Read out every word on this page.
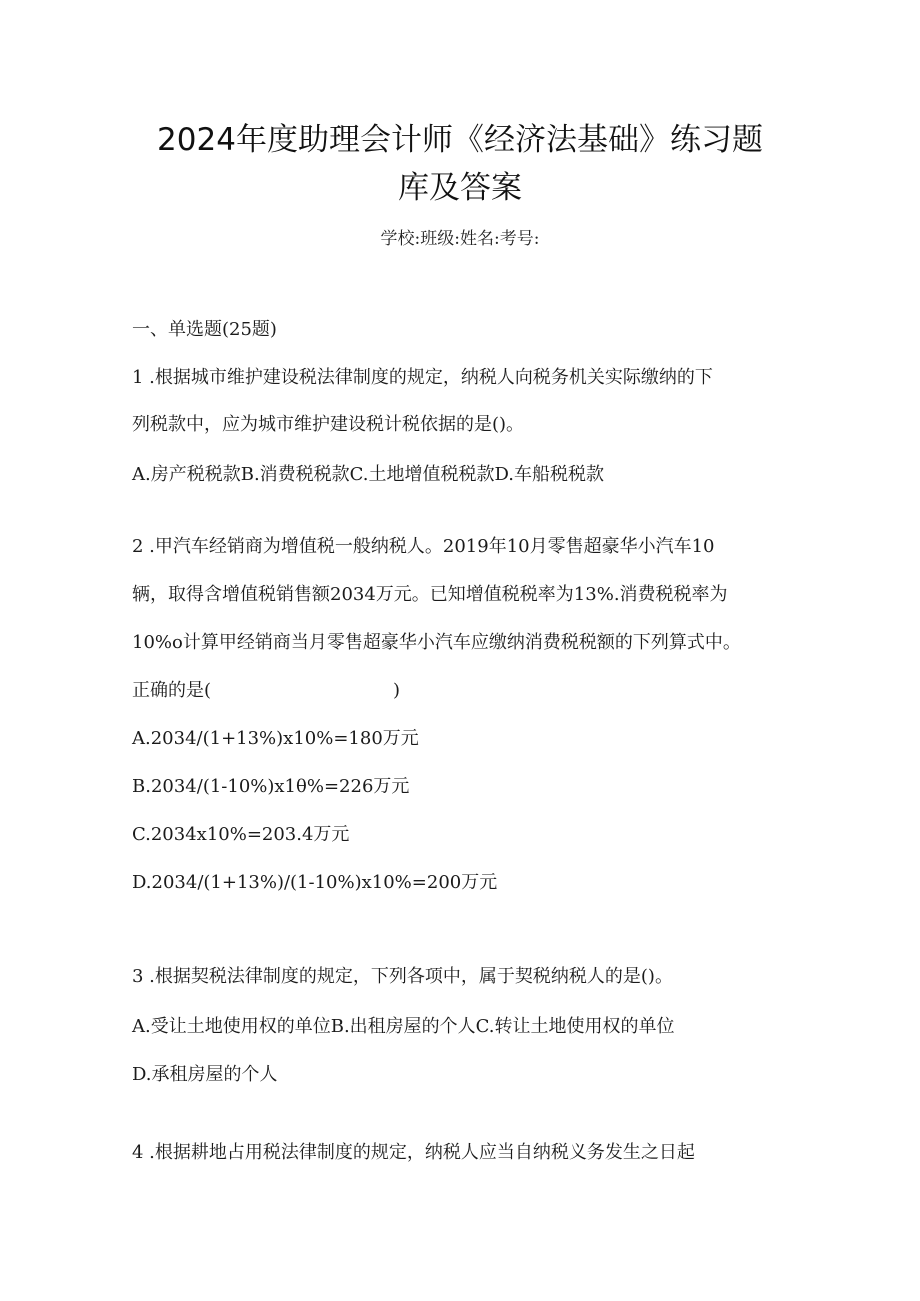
2024年度助理会计师《经济法基础》练习题
库及答案
学校:班级:姓名:考号:
一、单选题(25题)
1 .根据城市维护建设税法律制度的规定，纳税人向税务机关实际缴纳的下
列税款中，应为城市维护建设税计税依据的是()。
A.房产税税款B.消费税税款C.土地增值税税款D.车船税税款
2 .甲汽车经销商为增值税一般纳税人。2019年10月零售超豪华小汽车10
辆，取得含增值税销售额2034万元。已知增值税税率为13%.消费税税率为
10%o计算甲经销商当月零售超豪华小汽车应缴纳消费税税额的下列算式中。
正确的是(	)
A.2034/(1+13%)x10%=180万元
B.2034/(1-10%)x1θ%=226万元
C.2034x10%=203.4万元
D.2034/(1+13%)/(1-10%)x10%=200万元
3 .根据契税法律制度的规定，下列各项中，属于契税纳税人的是()。
A.受让土地使用权的单位B.出租房屋的个人C.转让土地使用权的单位
D.承租房屋的个人
4 .根据耕地占用税法律制度的规定，纳税人应当自纳税义务发生之日起
